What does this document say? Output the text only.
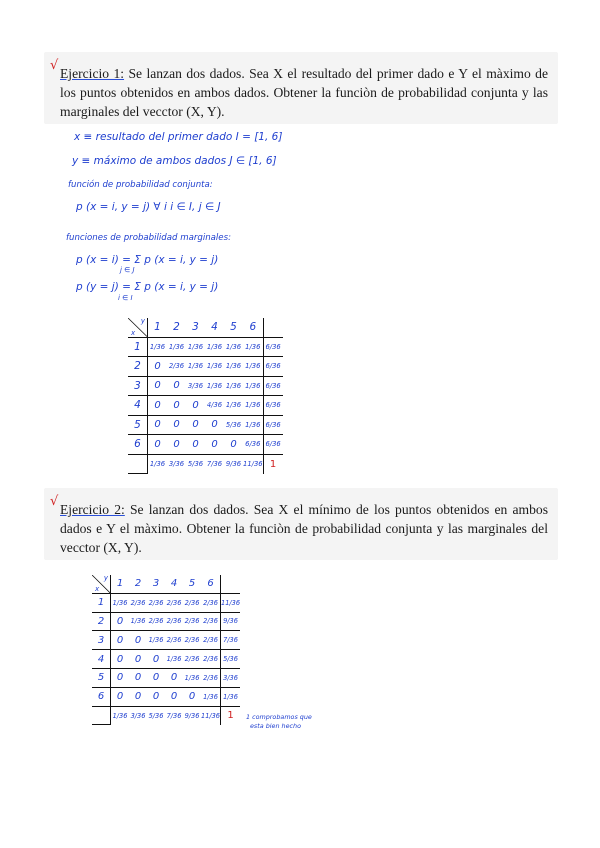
√

Ejercicio 1: Se lanzan dos dados. Sea X el resultado del primer dado e Y el màximo de los puntos obtenidos en ambos dados. Obtener la funciòn de probabilidad conjunta y las marginales del vecctor (X, Y).

x ≡ resultado del primer dado I = [1, 6]

y ≡ máximo de ambos dados J ∈ [1, 6]

función de probabilidad conjunta:

p (x = i, y = j) ∀ i i ∈ I, j ∈ J

funciones de probabilidad marginales:

p (x = i) = Σ p (x = i, y = j)

j ∈ J

p (y = j) = Σ p (x = i, y = j)

i ∈ I

x
y	1	2	3	4	5	6	
1	1/36	1/36	1/36	1/36	1/36	1/36	6/36
2	0	2/36	1/36	1/36	1/36	1/36	6/36
3	0	0	3/36	1/36	1/36	1/36	6/36
4	0	0	0	4/36	1/36	1/36	6/36
5	0	0	0	0	5/36	1/36	6/36
6	0	0	0	0	0	6/36	6/36
	1/36	3/36	5/36	7/36	9/36	11/36	1
√

Ejercicio 2: Se lanzan dos dados. Sea X el mínimo de los puntos obtenidos en ambos dados e Y el màximo. Obtener la funciòn de probabilidad conjunta y las marginales del vecctor (X, Y).

x
y	1	2	3	4	5	6	
1	1/36	2/36	2/36	2/36	2/36	2/36	11/36
2	0	1/36	2/36	2/36	2/36	2/36	9/36
3	0	0	1/36	2/36	2/36	2/36	7/36
4	0	0	0	1/36	2/36	2/36	5/36
5	0	0	0	0	1/36	2/36	3/36
6	0	0	0	0	0	1/36	1/36
	1/36	3/36	5/36	7/36	9/36	11/36	1 1 comprobamos que

esta bien hecho
